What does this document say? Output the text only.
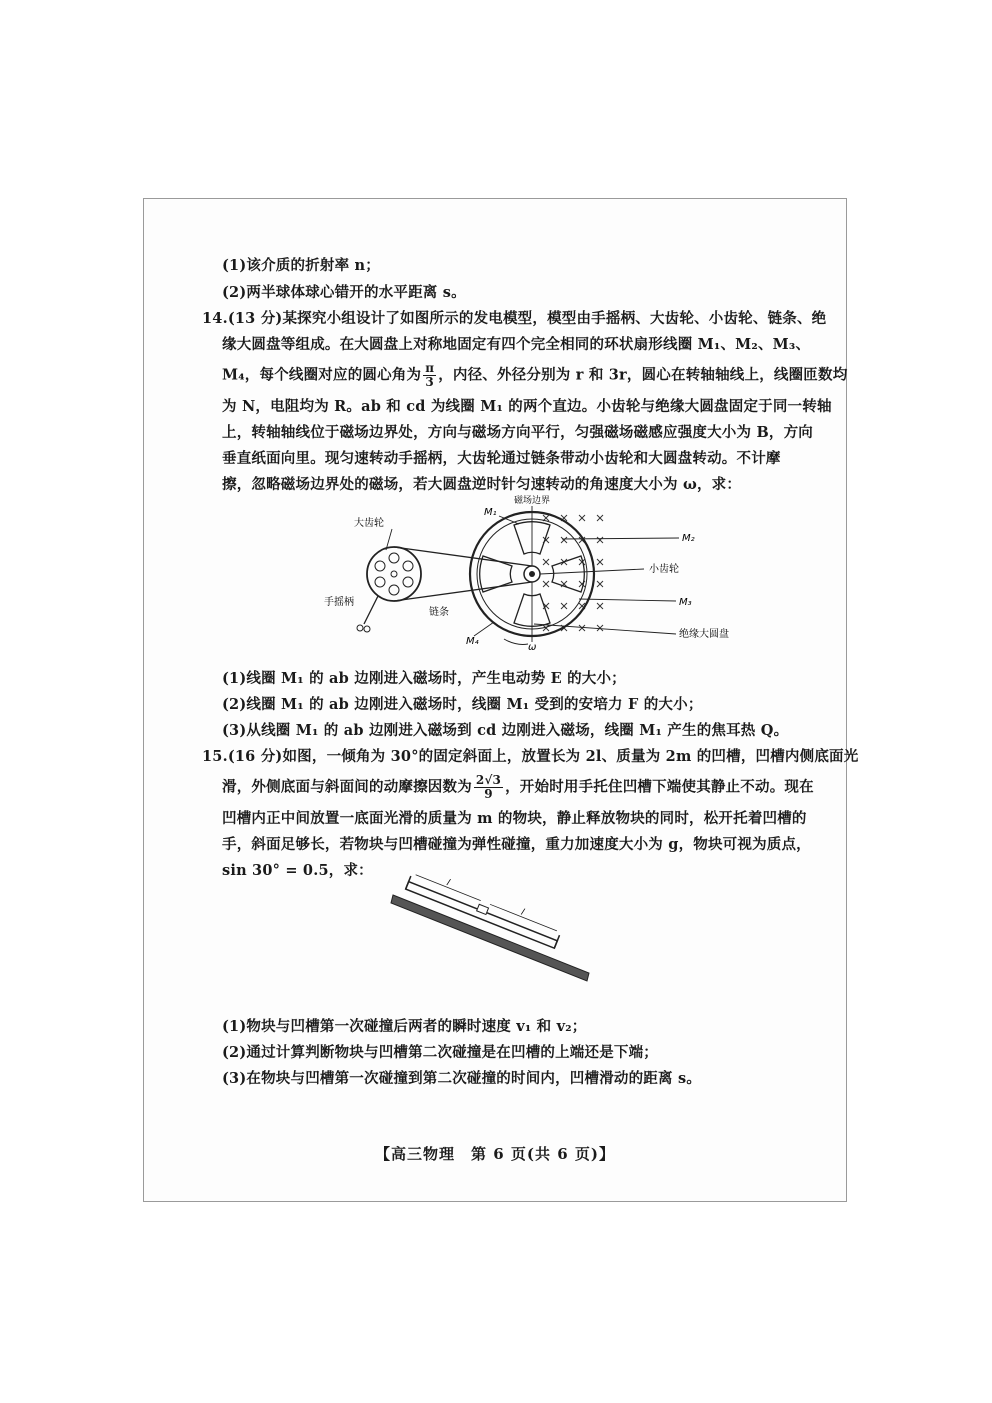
(1)该介质的折射率 n；
(2)两半球体球心错开的水平距离 s。
14.(13 分)某探究小组设计了如图所示的发电模型，模型由手摇柄、大齿轮、小齿轮、链条、绝
缘大圆盘等组成。在大圆盘上对称地固定有四个完全相同的环状扇形线圈 M₁、M₂、M₃、
M₄，每个线圈对应的圆心角为 $\frac{\pi}{3}$ ，内径、外径分别为 r 和 3r，圆心在转轴轴线上，线圈匝数均
为 N，电阻均为 R。ab 和 cd 为线圈 M₁ 的两个直边。小齿轮与绝缘大圆盘固定于同一转轴
上，转轴轴线位于磁场边界处，方向与磁场方向平行，匀强磁场磁感应强度大小为 B，方向
垂直纸面向里。现匀速转动手摇柄，大齿轮通过链条带动小齿轮和大圆盘转动。不计摩
擦，忽略磁场边界处的磁场，若大圆盘逆时针匀速转动的角速度大小为 ω，求：
磁场边界
大齿轮
手摇柄
链条
小齿轮
绝缘大圆盘
M₁
M₂
M₃
M₄
ω
(1)线圈 M₁ 的 ab 边刚进入磁场时，产生电动势 E 的大小；
(2)线圈 M₁ 的 ab 边刚进入磁场时，线圈 M₁ 受到的安培力 F 的大小；
(3)从线圈 M₁ 的 ab 边刚进入磁场到 cd 边刚进入磁场，线圈 M₁ 产生的焦耳热 Q。
15.(16 分)如图，一倾角为 30°的固定斜面上，放置长为 2l、质量为 2m 的凹槽，凹槽内侧底面光
滑，外侧底面与斜面间的动摩擦因数为 $\frac{2√3}{9}$ ，开始时用手托住凹槽下端使其静止不动。现在
凹槽内正中间放置一底面光滑的质量为 m 的物块，静止释放物块的同时，松开托着凹槽的
手，斜面足够长，若物块与凹槽碰撞为弹性碰撞，重力加速度大小为 g，物块可视为质点，
sin 30° = 0.5，求：
l
l
(1)物块与凹槽第一次碰撞后两者的瞬时速度 v₁ 和 v₂；
(2)通过计算判断物块与凹槽第二次碰撞是在凹槽的上端还是下端；
(3)在物块与凹槽第一次碰撞到第二次碰撞的时间内，凹槽滑动的距离 s。
【高三物理　第 6 页(共 6 页)】
